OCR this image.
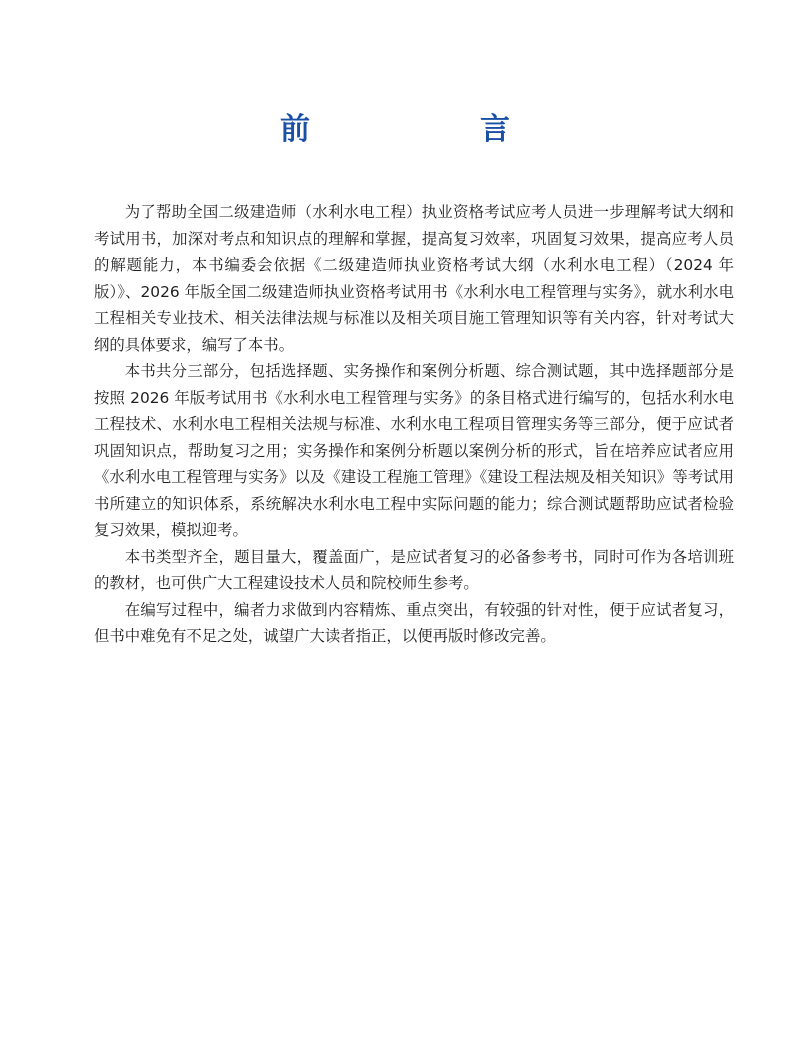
前　言

为了帮助全国二级建造师（水利水电工程）执业资格考试应考人员进一步理解考试大纲和考试用书，加深对考点和知识点的理解和掌握，提高复习效率，巩固复习效果，提高应考人员的解题能力，本书编委会依据《二级建造师执业资格考试大纲（水利水电工程）（2024 年版）》、2026 年版全国二级建造师执业资格考试用书《水利水电工程管理与实务》，就水利水电工程相关专业技术、相关法律法规与标准以及相关项目施工管理知识等有关内容，针对考试大纲的具体要求，编写了本书。

本书共分三部分，包括选择题、实务操作和案例分析题、综合测试题，其中选择题部分是按照 2026 年版考试用书《水利水电工程管理与实务》的条目格式进行编写的，包括水利水电工程技术、水利水电工程相关法规与标准、水利水电工程项目管理实务等三部分，便于应试者巩固知识点，帮助复习之用；实务操作和案例分析题以案例分析的形式，旨在培养应试者应用《水利水电工程管理与实务》以及《建设工程施工管理》《建设工程法规及相关知识》等考试用书所建立的知识体系，系统解决水利水电工程中实际问题的能力；综合测试题帮助应试者检验复习效果，模拟迎考。

本书类型齐全，题目量大，覆盖面广，是应试者复习的必备参考书，同时可作为各培训班的教材，也可供广大工程建设技术人员和院校师生参考。

在编写过程中，编者力求做到内容精炼、重点突出，有较强的针对性，便于应试者复习，但书中难免有不足之处，诚望广大读者指正，以便再版时修改完善。
